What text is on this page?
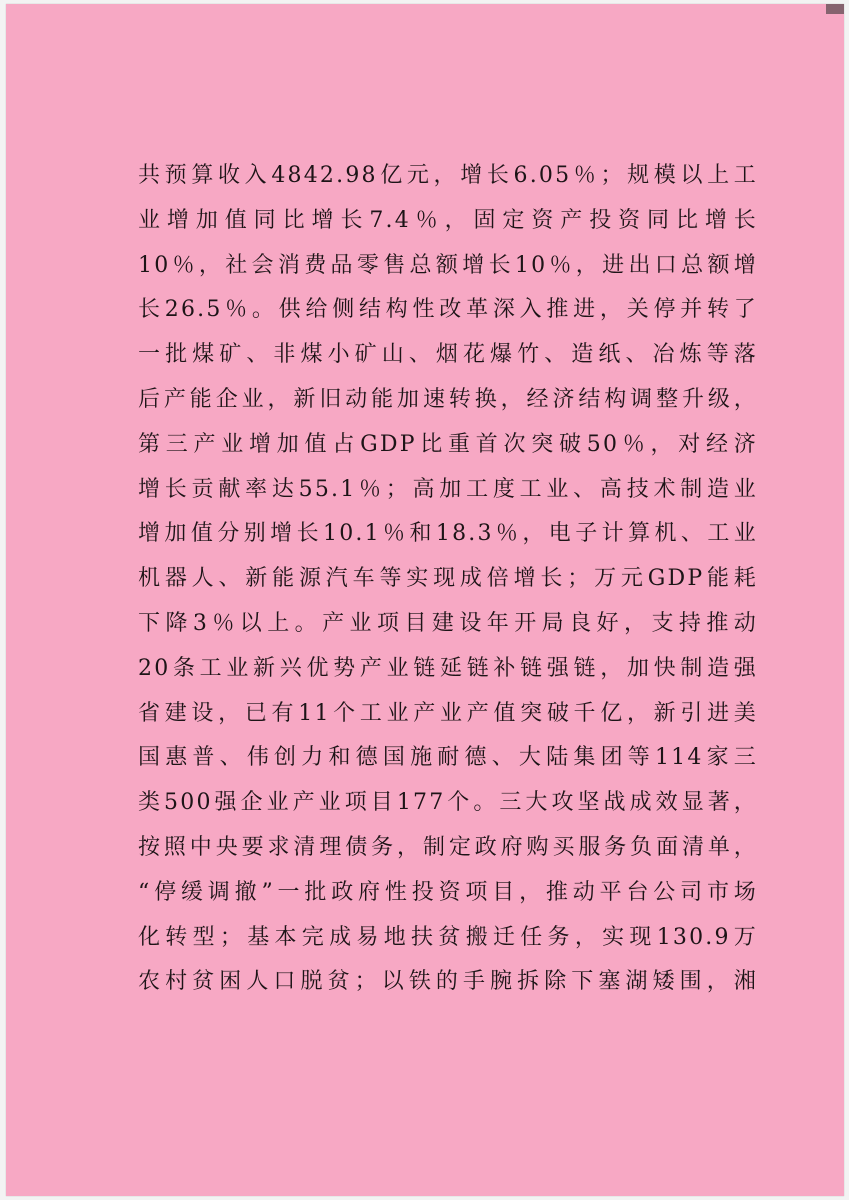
共预算收入4842.98亿元，增长6.05％；规模以上工
业增加值同比增长7.4％，固定资产投资同比增长
10％，社会消费品零售总额增长10％，进出口总额增
长26.5％。供给侧结构性改革深入推进，关停并转了
一批煤矿、非煤小矿山、烟花爆竹、造纸、冶炼等落
后产能企业，新旧动能加速转换，经济结构调整升级，
第三产业增加值占GDP比重首次突破50％，对经济
增长贡献率达55.1％；高加工度工业、高技术制造业
增加值分别增长10.1％和18.3％，电子计算机、工业
机器人、新能源汽车等实现成倍增长；万元GDP能耗
下降3％以上。产业项目建设年开局良好，支持推动
20条工业新兴优势产业链延链补链强链，加快制造强
省建设，已有11个工业产业产值突破千亿，新引进美
国惠普、伟创力和德国施耐德、大陆集团等114家三
类500强企业产业项目177个。三大攻坚战成效显著，
按照中央要求清理债务，制定政府购买服务负面清单，
“停缓调撤”一批政府性投资项目，推动平台公司市场
化转型；基本完成易地扶贫搬迁任务，实现130.9万
农村贫困人口脱贫；以铁的手腕拆除下塞湖矮围，湘
